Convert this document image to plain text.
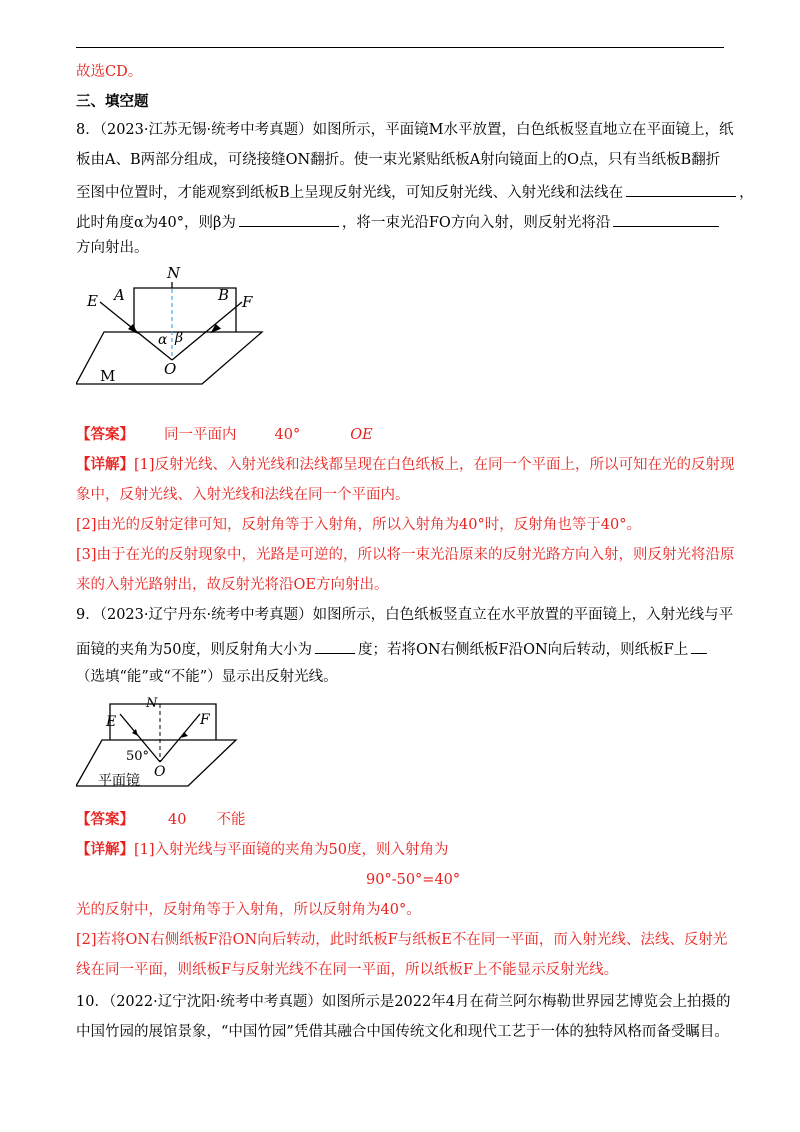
故选CD。
三、填空题
8．（2023·江苏无锡·统考中考真题）如图所示，平面镜M水平放置，白色纸板竖直地立在平面镜上，纸
板由A、B两部分组成，可绕接缝ON翻折。使一束光紧贴纸板A射向镜面上的O点，只有当纸板B翻折
至图中位置时，才能观察到纸板B上呈现反射光线，可知反射光线、入射光线和法线在	，
此时角度α为40°，则β为	，将一束光沿FO方向入射，则反射光将沿
方向射出。
N
E A	B F
α β
O
M
【答案】 同一平面内	40°	OE
【详解】[1]反射光线、入射光线和法线都呈现在白色纸板上，在同一个平面上，所以可知在光的反射现
象中，反射光线、入射光线和法线在同一个平面内。
[2]由光的反射定律可知，反射角等于入射角，所以入射角为40°时，反射角也等于40°。
[3]由于在光的反射现象中，光路是可逆的，所以将一束光沿原来的反射光路方向入射，则反射光将沿原
来的入射光路射出，故反射光将沿OE方向射出。
9．（2023·辽宁丹东·统考中考真题）如图所示，白色纸板竖直立在水平放置的平面镜上，入射光线与平
面镜的夹角为50度，则反射角大小为	度；若将ON右侧纸板F沿ON向后转动，则纸板F上
（选填“能”或“不能”）显示出反射光线。
N
E	F
50°
O
平面镜
【答案】 40 不能
【详解】[1]入射光线与平面镜的夹角为50度，则入射角为
90°-50°=40°
光的反射中，反射角等于入射角，所以反射角为40°。
[2]若将ON右侧纸板F沿ON向后转动，此时纸板F与纸板E不在同一平面，而入射光线、法线、反射光
线在同一平面，则纸板F与反射光线不在同一平面，所以纸板F上不能显示反射光线。
10．（2022·辽宁沈阳·统考中考真题）如图所示是2022年4月在荷兰阿尔梅勒世界园艺博览会上拍摄的
中国竹园的展馆景象，“中国竹园”凭借其融合中国传统文化和现代工艺于一体的独特风格而备受瞩目。
